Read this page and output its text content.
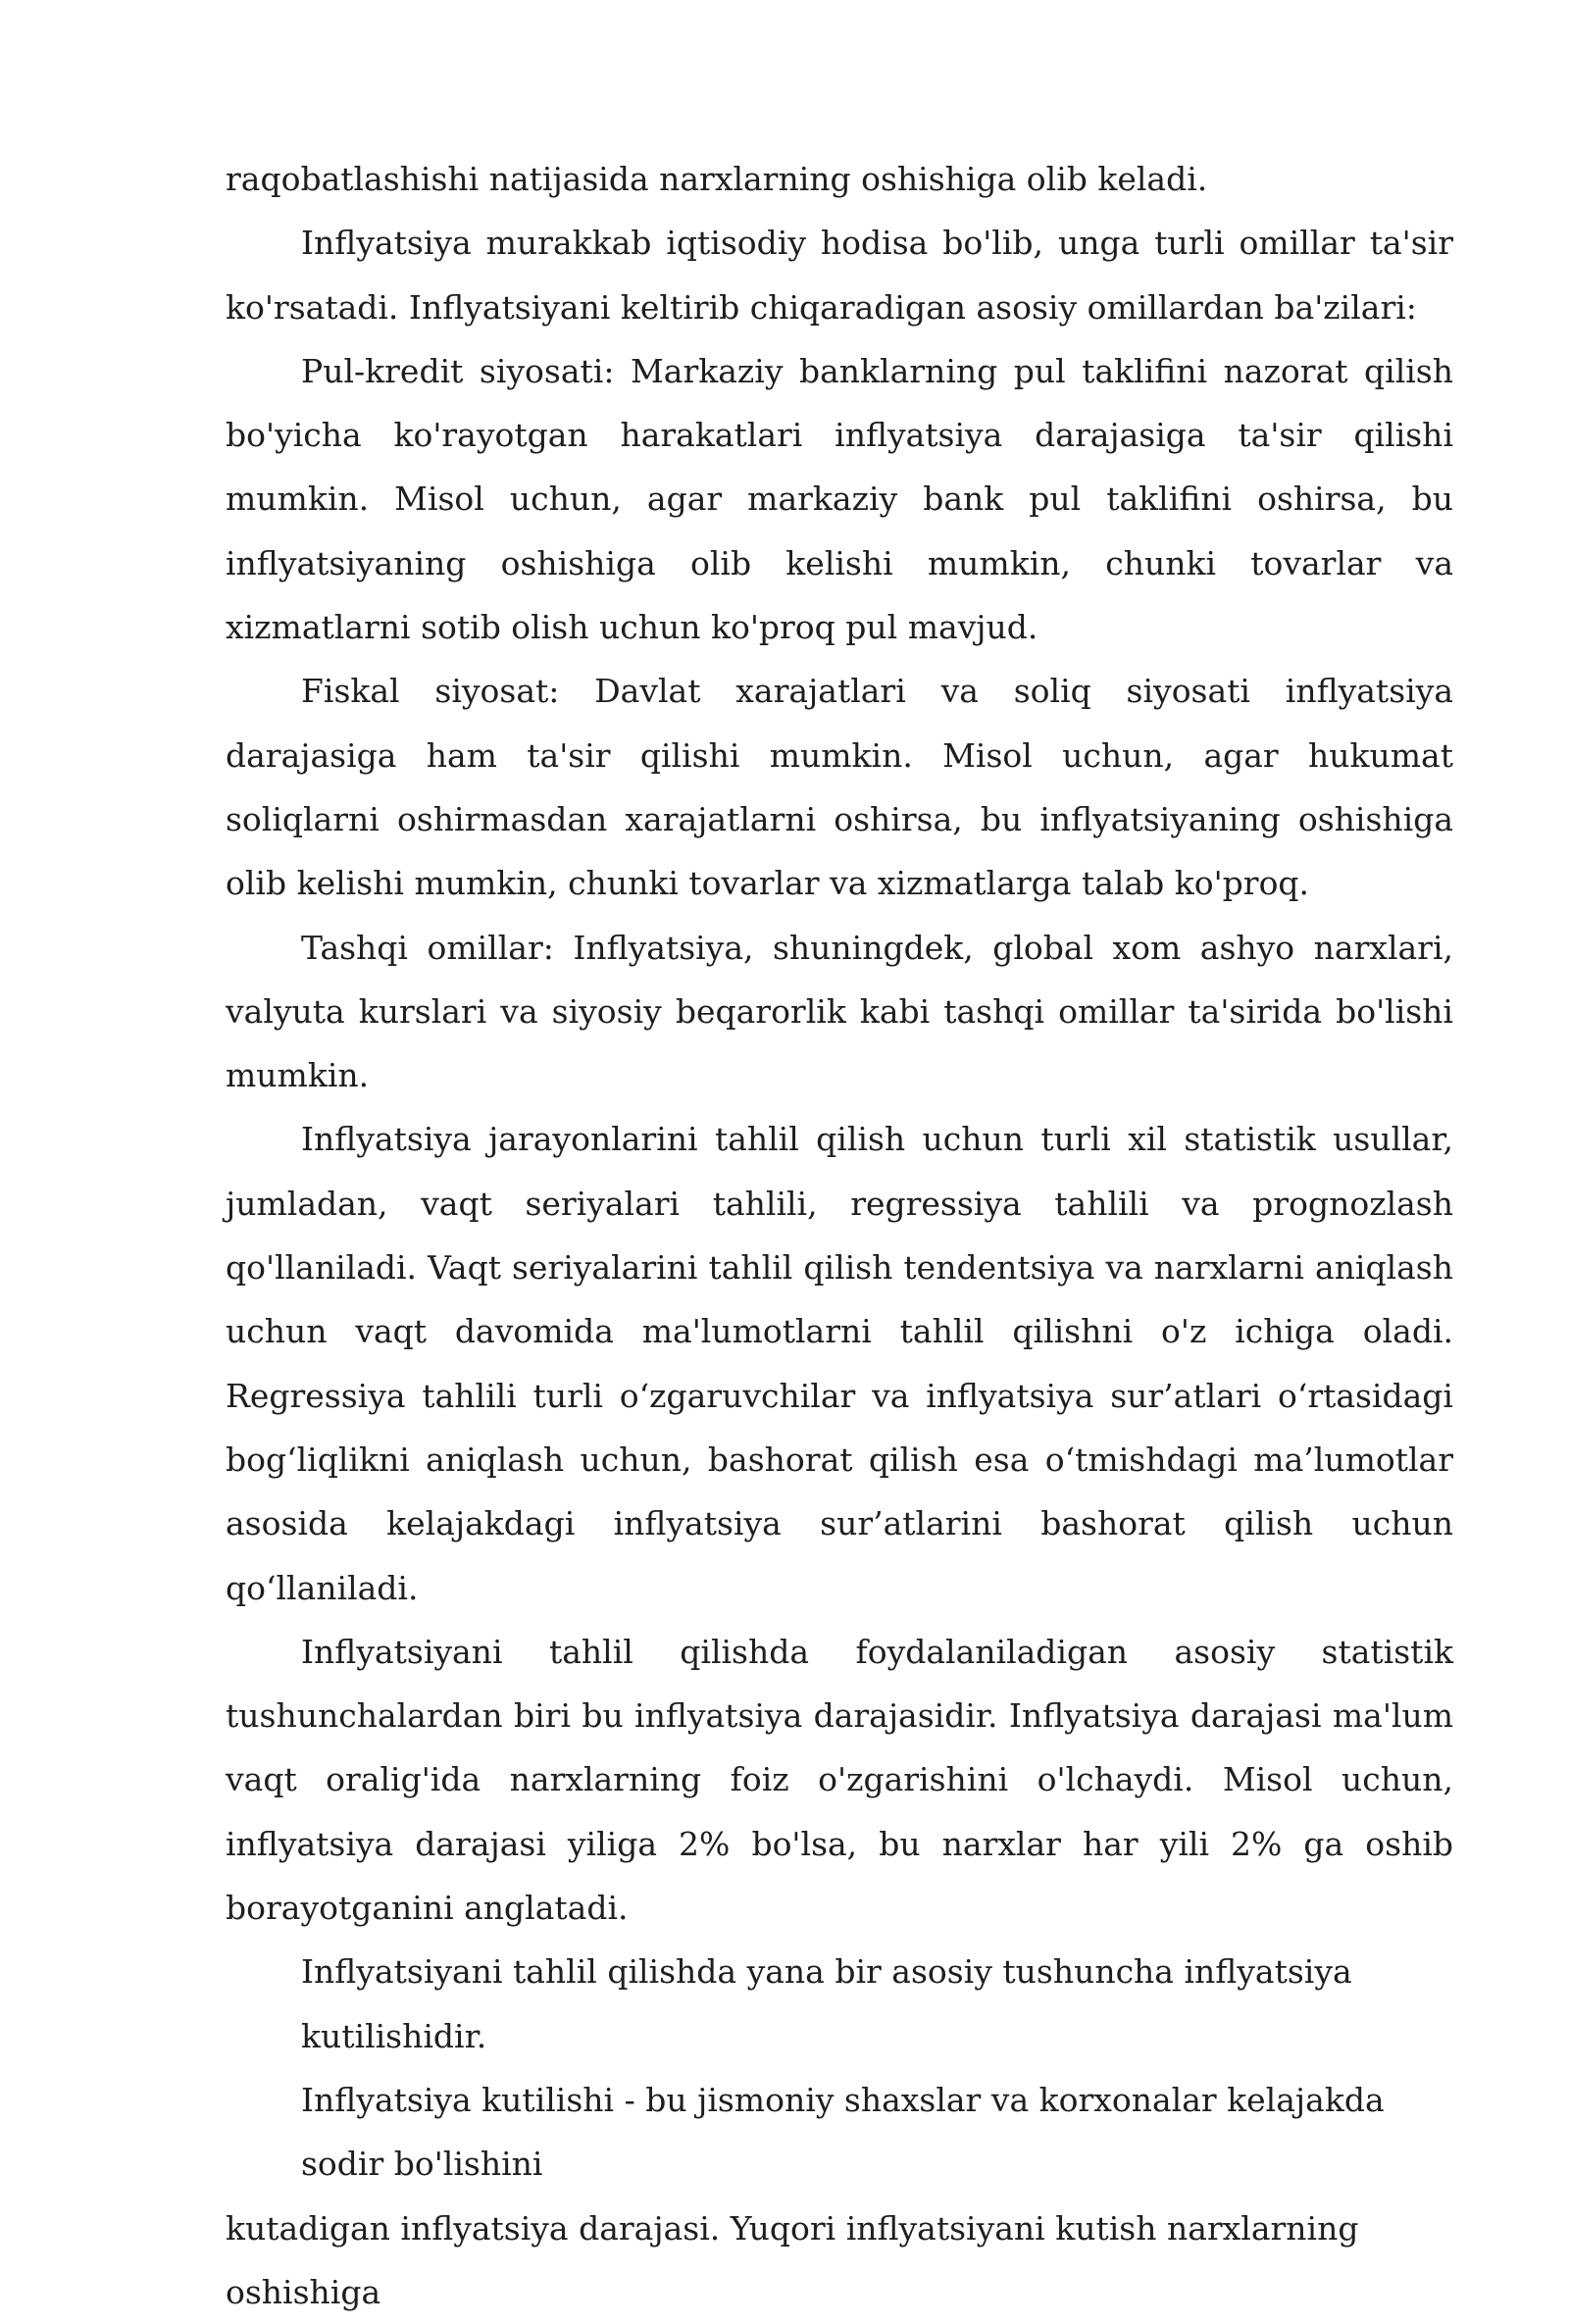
raqobatlashishi natijasida narxlarning oshishiga olib keladi.

Inflyatsiya murakkab iqtisodiy hodisa bo'lib, unga turli omillar ta'sir ko'rsatadi. Inflyatsiyani keltirib chiqaradigan asosiy omillardan ba'zilari:

Pul-kredit siyosati: Markaziy banklarning pul taklifini nazorat qilish bo'yicha ko'rayotgan harakatlari inflyatsiya darajasiga ta'sir qilishi mumkin. Misol uchun, agar markaziy bank pul taklifini oshirsa, bu inflyatsiyaning oshishiga olib kelishi mumkin, chunki tovarlar va xizmatlarni sotib olish uchun ko'proq pul mavjud.

Fiskal siyosat: Davlat xarajatlari va soliq siyosati inflyatsiya darajasiga ham ta'sir qilishi mumkin. Misol uchun, agar hukumat soliqlarni oshirmasdan xarajatlarni oshirsa, bu inflyatsiyaning oshishiga olib kelishi mumkin, chunki tovarlar va xizmatlarga talab ko'proq.

Tashqi omillar: Inflyatsiya, shuningdek, global xom ashyo narxlari, valyuta kurslari va siyosiy beqarorlik kabi tashqi omillar ta'sirida bo'lishi mumkin.

Inflyatsiya jarayonlarini tahlil qilish uchun turli xil statistik usullar, jumladan, vaqt seriyalari tahlili, regressiya tahlili va prognozlash qo'llaniladi. Vaqt seriyalarini tahlil qilish tendentsiya va narxlarni aniqlash uchun vaqt davomida ma'lumotlarni tahlil qilishni o'z ichiga oladi. Regressiya tahlili turli o‘zgaruvchilar va inflyatsiya sur’atlari o‘rtasidagi bog‘liqlikni aniqlash uchun, bashorat qilish esa o‘tmishdagi ma’lumotlar asosida kelajakdagi inflyatsiya sur’atlarini bashorat qilish uchun qo‘llaniladi.

Inflyatsiyani tahlil qilishda foydalaniladigan asosiy statistik tushunchalardan biri bu inflyatsiya darajasidir. Inflyatsiya darajasi ma'lum vaqt oralig'ida narxlarning foiz o'zgarishini o'lchaydi. Misol uchun, inflyatsiya darajasi yiliga 2% bo'lsa, bu narxlar har yili 2% ga oshib borayotganini anglatadi.

Inflyatsiyani tahlil qilishda yana bir asosiy tushuncha inflyatsiya kutilishidir.

Inflyatsiya kutilishi - bu jismoniy shaxslar va korxonalar kelajakda sodir bo'lishini

kutadigan inflyatsiya darajasi. Yuqori inflyatsiyani kutish narxlarning oshishiga
